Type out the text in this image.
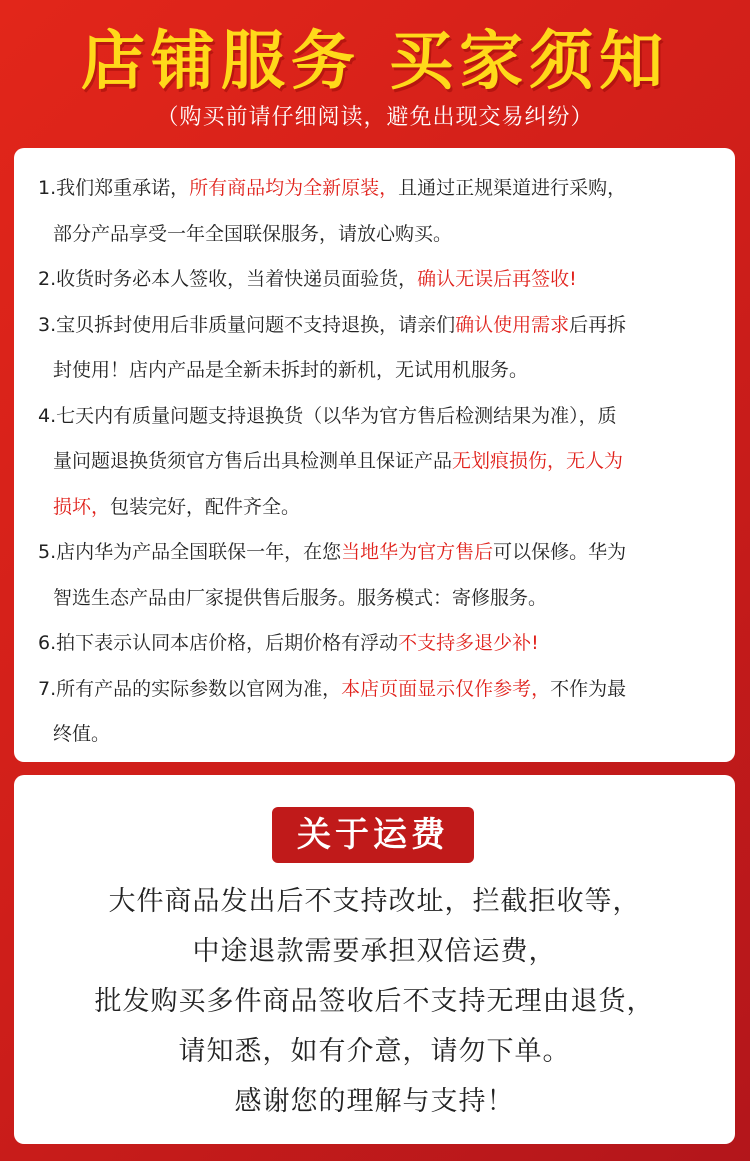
店铺服务 买家须知
（购买前请仔细阅读，避免出现交易纠纷）
1.我们郑重承诺，所有商品均为全新原装，且通过正规渠道进行采购，
部分产品享受一年全国联保服务，请放心购买。
2.收货时务必本人签收，当着快递员面验货，确认无误后再签收!
3.宝贝拆封使用后非质量问题不支持退换，请亲们确认使用需求后再拆
封使用！店内产品是全新未拆封的新机，无试用机服务。
4.七天内有质量问题支持退换货（以华为官方售后检测结果为准），质
量问题退换货须官方售后出具检测单且保证产品无划痕损伤，无人为
损坏，包装完好，配件齐全。
5.店内华为产品全国联保一年，在您当地华为官方售后可以保修。华为
智选生态产品由厂家提供售后服务。服务模式：寄修服务。
6.拍下表示认同本店价格，后期价格有浮动不支持多退少补!
7.所有产品的实际参数以官网为准，本店页面显示仅作参考，不作为最
终值。
关于运费
大件商品发出后不支持改址，拦截拒收等，
中途退款需要承担双倍运费，
批发购买多件商品签收后不支持无理由退货，
请知悉，如有介意，请勿下单。
感谢您的理解与支持！
